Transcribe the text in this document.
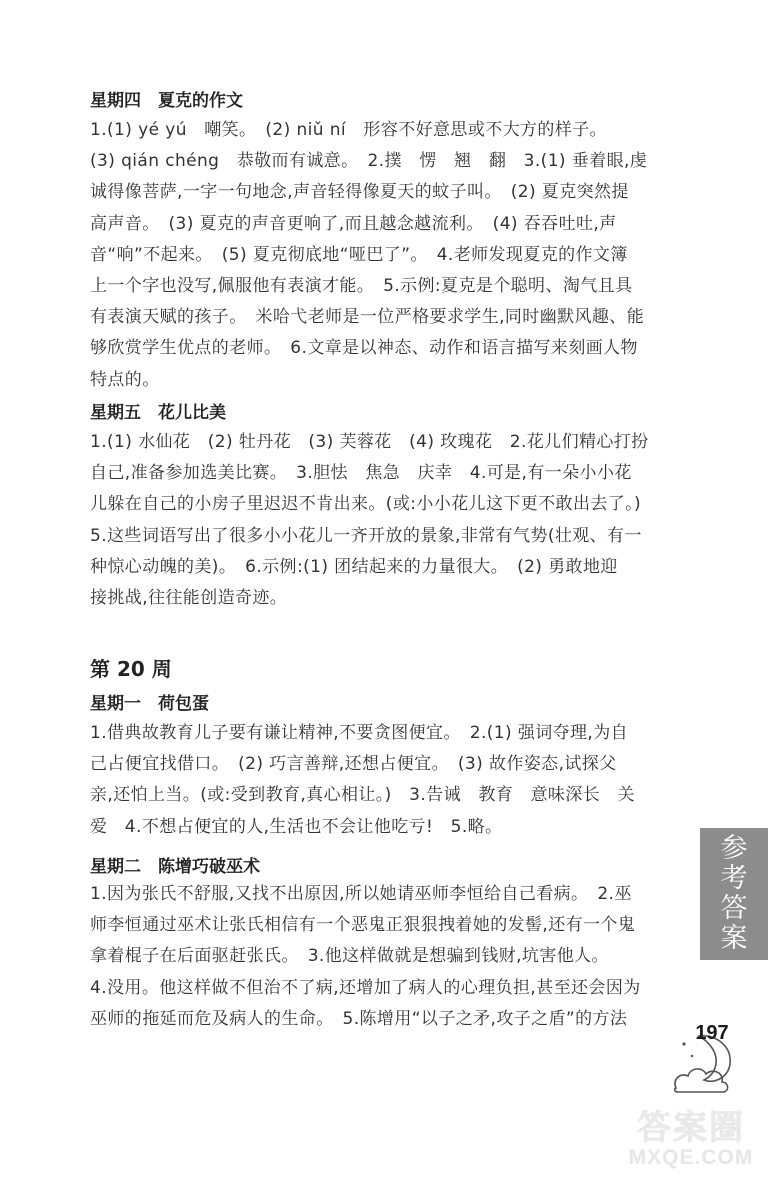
星期四　夏克的作文
1.(1) yé yú　嘲笑。　(2) niǔ ní　形容不好意思或不大方的样子。
(3) qián chéng　恭敬而有诚意。　2.撲　愣　翘　翻　3.(1) 垂着眼,虔
诚得像菩萨,一字一句地念,声音轻得像夏天的蚊子叫。　(2) 夏克突然提
高声音。　(3) 夏克的声音更响了,而且越念越流利。　(4) 吞吞吐吐,声
音“响”不起来。　(5) 夏克彻底地“哑巴了”。　4.老师发现夏克的作文簿
上一个字也没写,佩服他有表演才能。　5.示例:夏克是个聪明、淘气且具
有表演天赋的孩子。　米哈弋老师是一位严格要求学生,同时幽默风趣、能
够欣赏学生优点的老师。　6.文章是以神态、动作和语言描写来刻画人物
特点的。
星期五　花儿比美
1.(1) 水仙花　(2) 牡丹花　(3) 芙蓉花　(4) 玫瑰花　2.花儿们精心打扮
自己,准备参加选美比赛。　3.胆怯　焦急　庆幸　4.可是,有一朵小小花
儿躲在自己的小房子里迟迟不肯出来。(或:小小花儿这下更不敢出去了。)
5.这些词语写出了很多小小花儿一齐开放的景象,非常有气势(壮观、有一
种惊心动魄的美)。　6.示例:(1) 团结起来的力量很大。　(2) 勇敢地迎
接挑战,往往能创造奇迹。
第 20 周
星期一　荷包蛋
1.借典故教育儿子要有谦让精神,不要贪图便宜。　2.(1) 强词夺理,为自
己占便宜找借口。　(2) 巧言善辩,还想占便宜。　(3) 故作姿态,试探父
亲,还怕上当。(或:受到教育,真心相让。)　3.告诫　教育　意味深长　关
爱　4.不想占便宜的人,生活也不会让他吃亏!　5.略。
星期二　陈增巧破巫术
1.因为张氏不舒服,又找不出原因,所以她请巫师李恒给自己看病。　2.巫
师李恒通过巫术让张氏相信有一个恶鬼正狠狠拽着她的发髻,还有一个鬼
拿着棍子在后面驱赶张氏。　3.他这样做就是想骗到钱财,坑害他人。
4.没用。他这样做不但治不了病,还增加了病人的心理负担,甚至还会因为
巫师的拖延而危及病人的生命。　5.陈增用“以子之矛,攻子之盾”的方法
参
考
答
案
197
答案圈
MXQE.COM
